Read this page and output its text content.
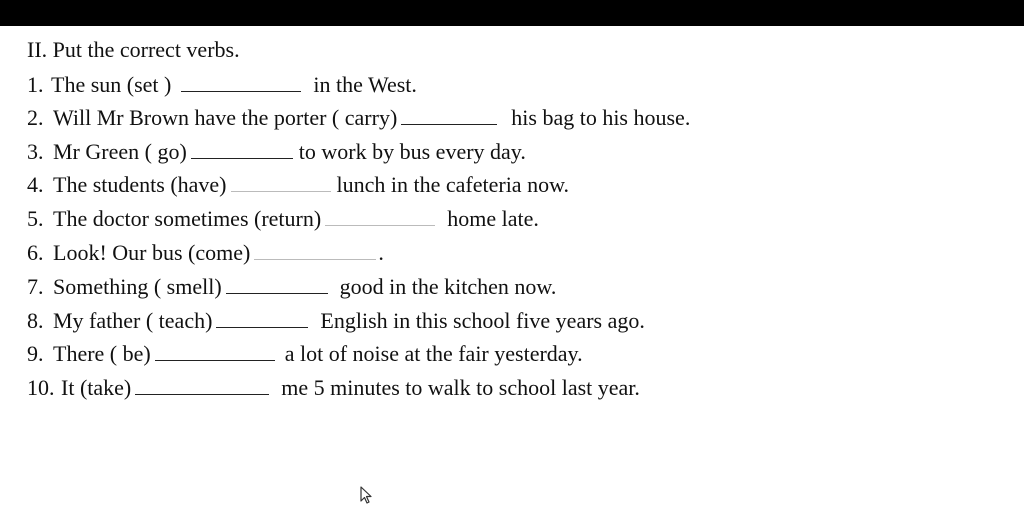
II. Put the correct verbs.
1. The sun (set )	in the West.
2. Will Mr Brown have the porter ( carry)	his bag to his house.
3. Mr Green ( go)	to work by bus every day.
4. The students (have)	lunch in the cafeteria now.
5. The doctor sometimes (return)	home late.
6. Look! Our bus (come)	.
7. Something ( smell)	good in the kitchen now.
8. My father ( teach)	English in this school five years ago.
9. There ( be)	a lot of noise at the fair yesterday.
10. It (take)	me 5 minutes to walk to school last year.
